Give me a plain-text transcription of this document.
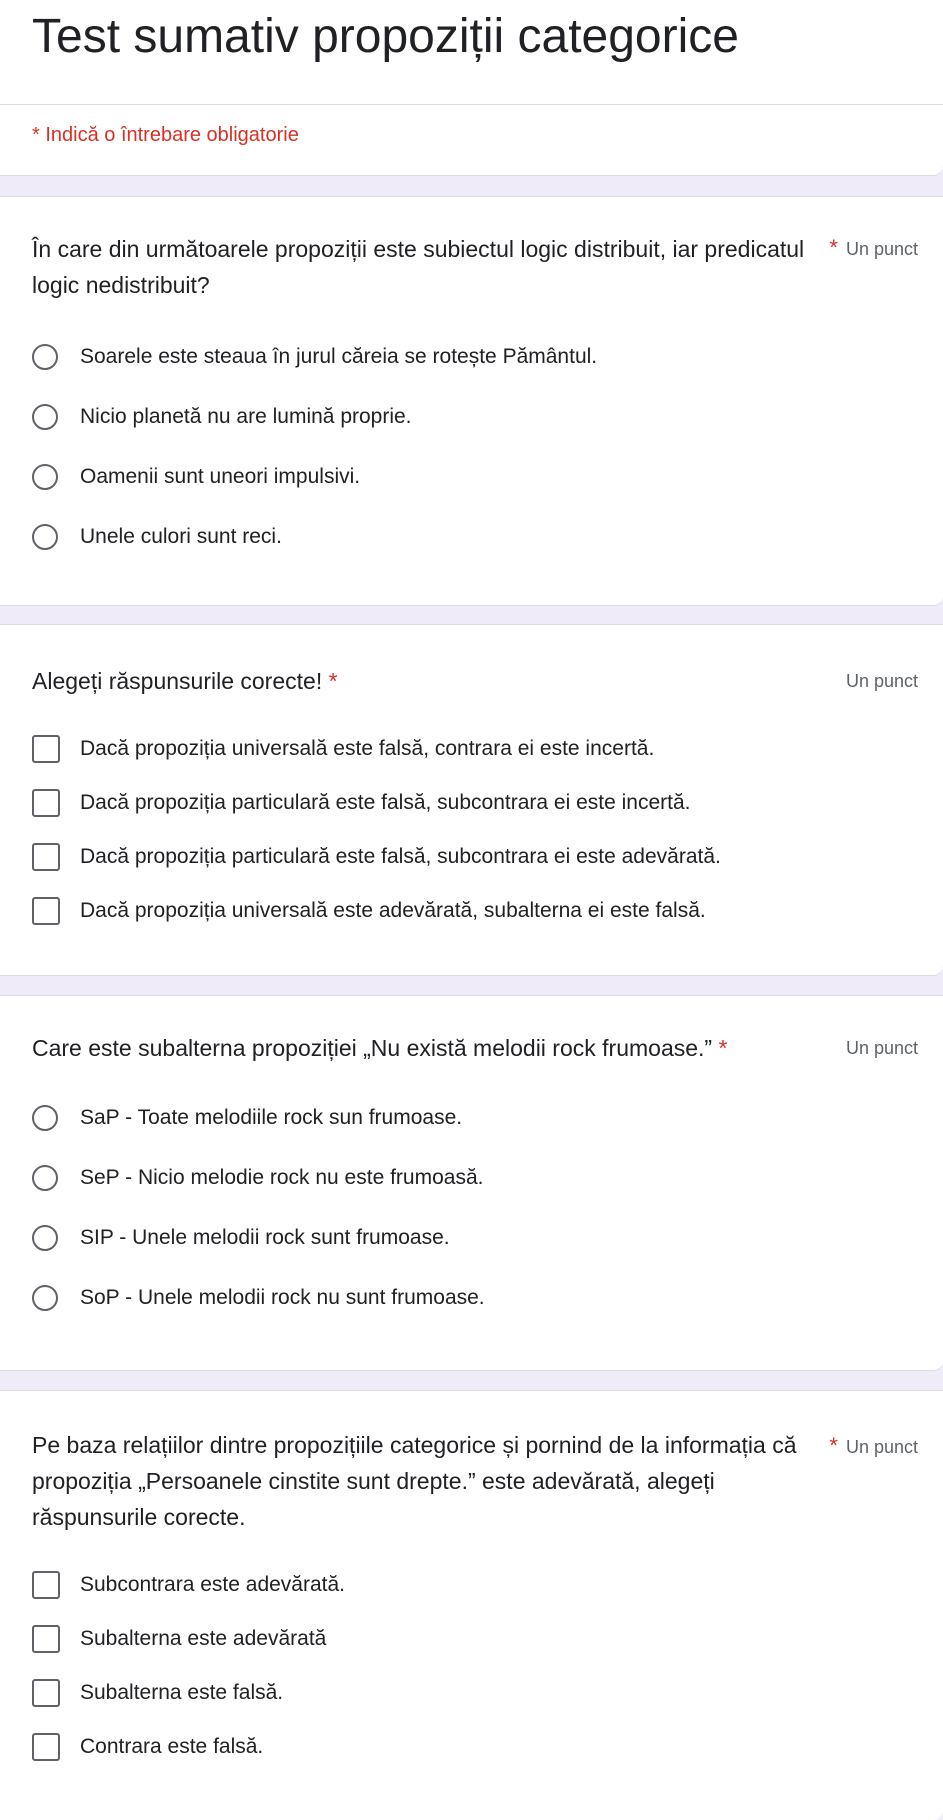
Test sumativ propoziții categorice
* Indică o întrebare obligatorie
În care din următoarele propoziții este subiectul logic distribuit, iar predicatul logic nedistribuit?
* Un punct
Soarele este steaua în jurul căreia se rotește Pământul.
Nicio planetă nu are lumină proprie.
Oamenii sunt uneori impulsivi.
Unele culori sunt reci.
Alegeți răspunsurile corecte! *	Un punct
Dacă propoziția universală este falsă, contrara ei este incertă.
Dacă propoziția particulară este falsă, subcontrara ei este incertă.
Dacă propoziția particulară este falsă, subcontrara ei este adevărată.
Dacă propoziția universală este adevărată, subalterna ei este falsă.
Care este subalterna propoziției „Nu există melodii rock frumoase.” *	Un punct
SaP - Toate melodiile rock sun frumoase.
SeP - Nicio melodie rock nu este frumoasă.
SIP - Unele melodii rock sunt frumoase.
SoP - Unele melodii rock nu sunt frumoase.
Pe baza relațiilor dintre propozițiile categorice și pornind de la informația că propoziția „Persoanele cinstite sunt drepte.” este adevărată, alegeți răspunsurile corecte.
* Un punct
Subcontrara este adevărată.
Subalterna este adevărată
Subalterna este falsă.
Contrara este falsă.
